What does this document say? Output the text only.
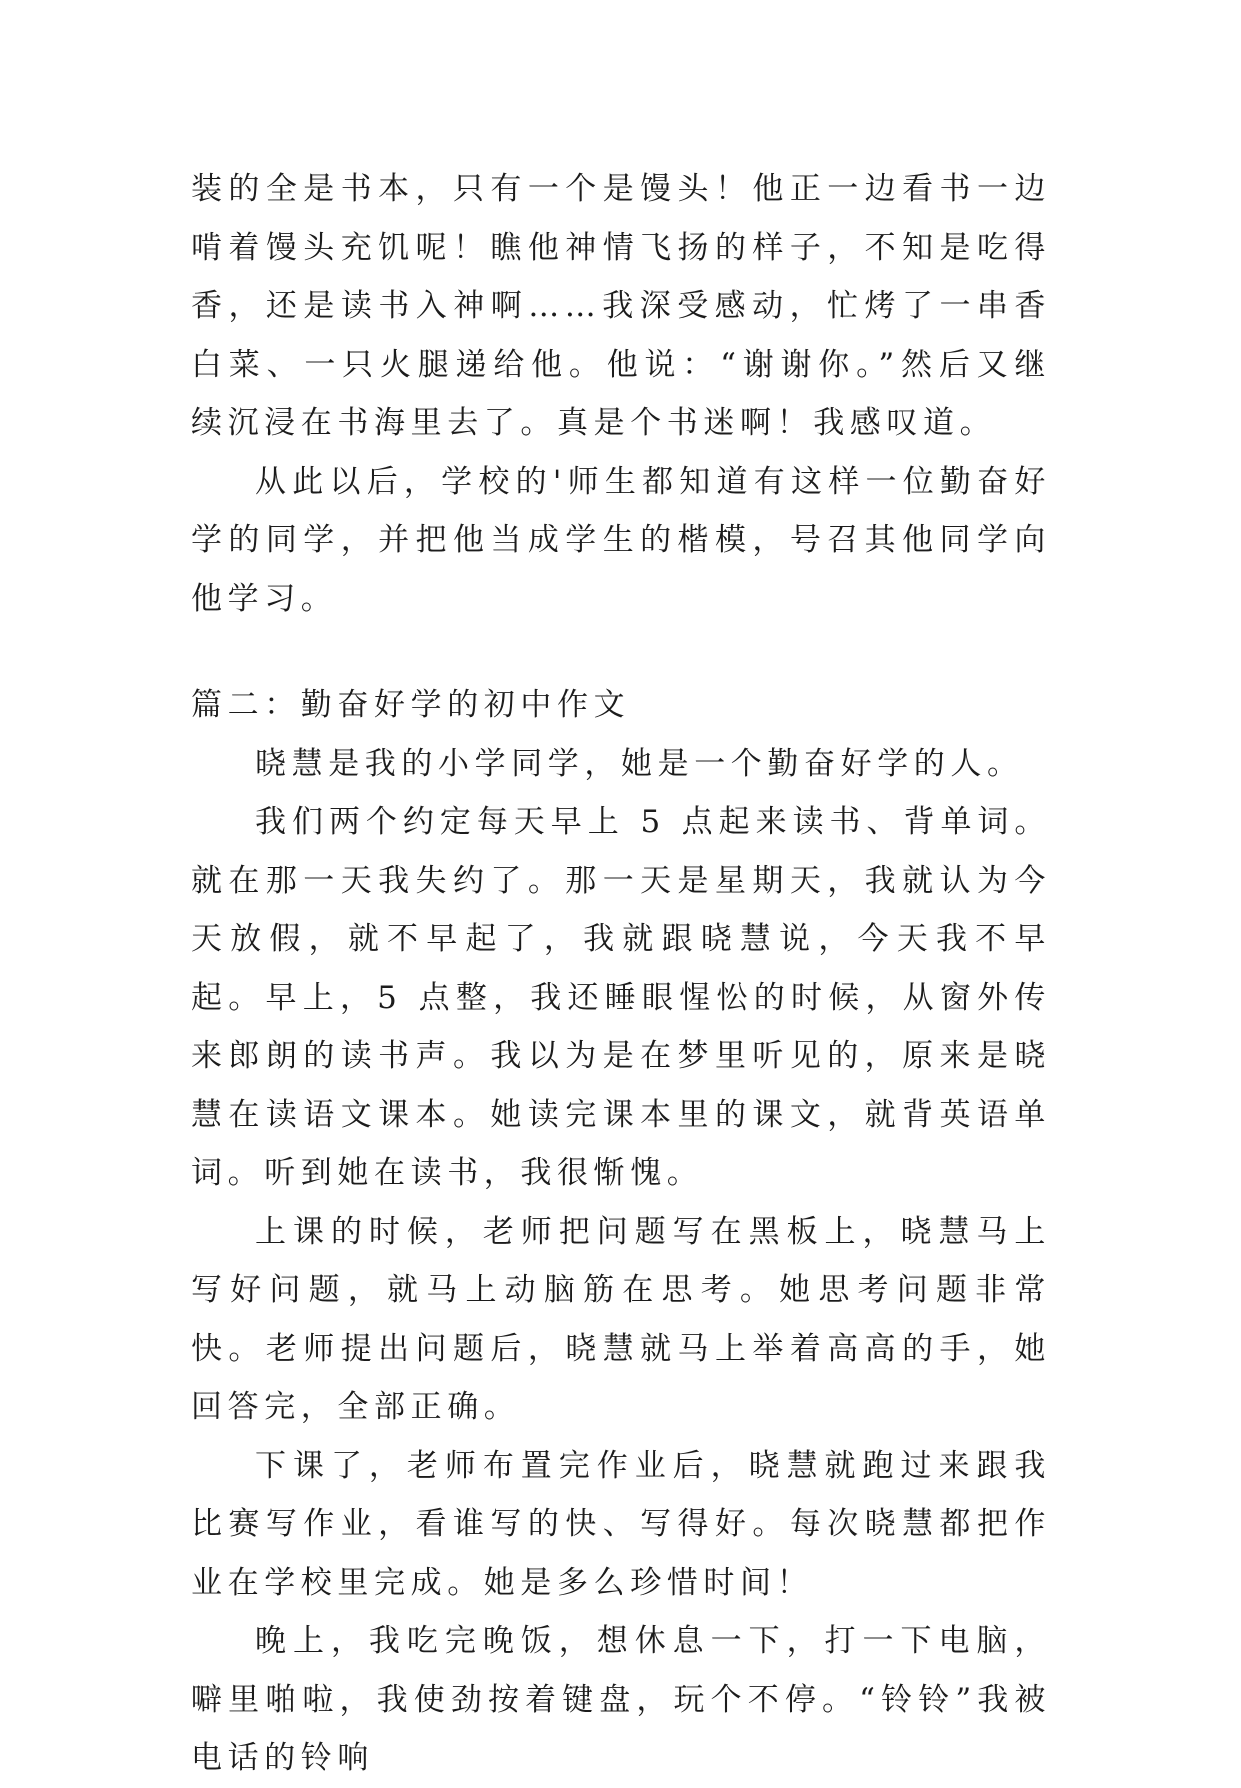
装的全是书本，只有一个是馒头！他正一边看书一边啃着馒头充饥呢！瞧他神情飞扬的样子，不知是吃得香，还是读书入神啊……我深受感动，忙烤了一串香白菜、一只火腿递给他。他说：“谢谢你。”然后又继续沉浸在书海里去了。真是个书迷啊！我感叹道。

从此以后，学校的'师生都知道有这样一位勤奋好学的同学，并把他当成学生的楷模，号召其他同学向他学习。

篇二：勤奋好学的初中作文

晓慧是我的小学同学，她是一个勤奋好学的人。

我们两个约定每天早上 5 点起来读书、背单词。就在那一天我失约了。那一天是星期天，我就认为今天放假，就不早起了，我就跟晓慧说，今天我不早起。早上，5 点整，我还睡眼惺忪的时候，从窗外传来郎朗的读书声。我以为是在梦里听见的，原来是晓慧在读语文课本。她读完课本里的课文，就背英语单词。听到她在读书，我很惭愧。

上课的时候，老师把问题写在黑板上，晓慧马上写好问题，就马上动脑筋在思考。她思考问题非常快。老师提出问题后，晓慧就马上举着高高的手，她回答完，全部正确。

下课了，老师布置完作业后，晓慧就跑过来跟我比赛写作业，看谁写的快、写得好。每次晓慧都把作业在学校里完成。她是多么珍惜时间！

晚上，我吃完晚饭，想休息一下，打一下电脑，噼里啪啦，我使劲按着键盘，玩个不停。“铃铃”我被电话的铃响
